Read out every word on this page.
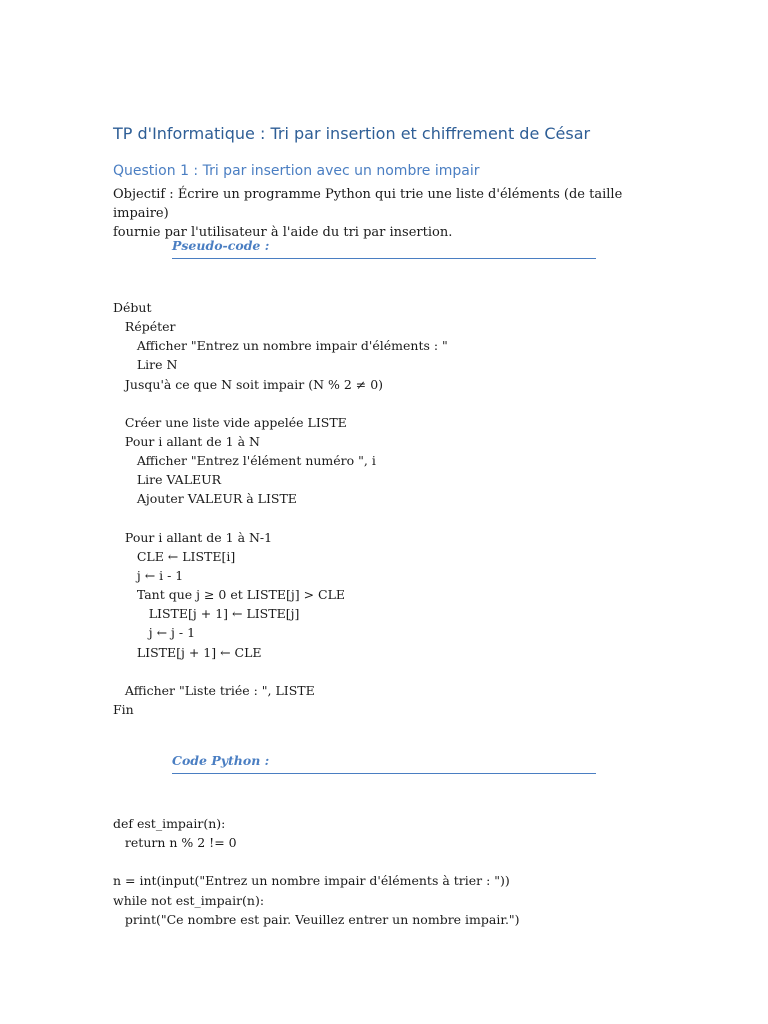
TP d'Informatique : Tri par insertion et chiffrement de César
Question 1 : Tri par insertion avec un nombre impair

Objectif : Écrire un programme Python qui trie une liste d'éléments (de taille impaire)
fournie par l'utilisateur à l'aide du tri par insertion.

Pseudo-code :
Début
Répéter
Afficher "Entrez un nombre impair d'éléments : "
Lire N
Jusqu'à ce que N soit impair (N % 2 ≠ 0)
Créer une liste vide appelée LISTE
Pour i allant de 1 à N
Afficher "Entrez l'élément numéro ", i
Lire VALEUR
Ajouter VALEUR à LISTE
Pour i allant de 1 à N-1
CLE ← LISTE[i]
j ← i - 1
Tant que j ≥ 0 et LISTE[j] > CLE
LISTE[j + 1] ← LISTE[j]
j ← j - 1
LISTE[j + 1] ← CLE
Afficher "Liste triée : ", LISTE
Fin
Code Python :
def est_impair(n):
return n % 2 != 0
n = int(input("Entrez un nombre impair d'éléments à trier : "))
while not est_impair(n):
print("Ce nombre est pair. Veuillez entrer un nombre impair.")
